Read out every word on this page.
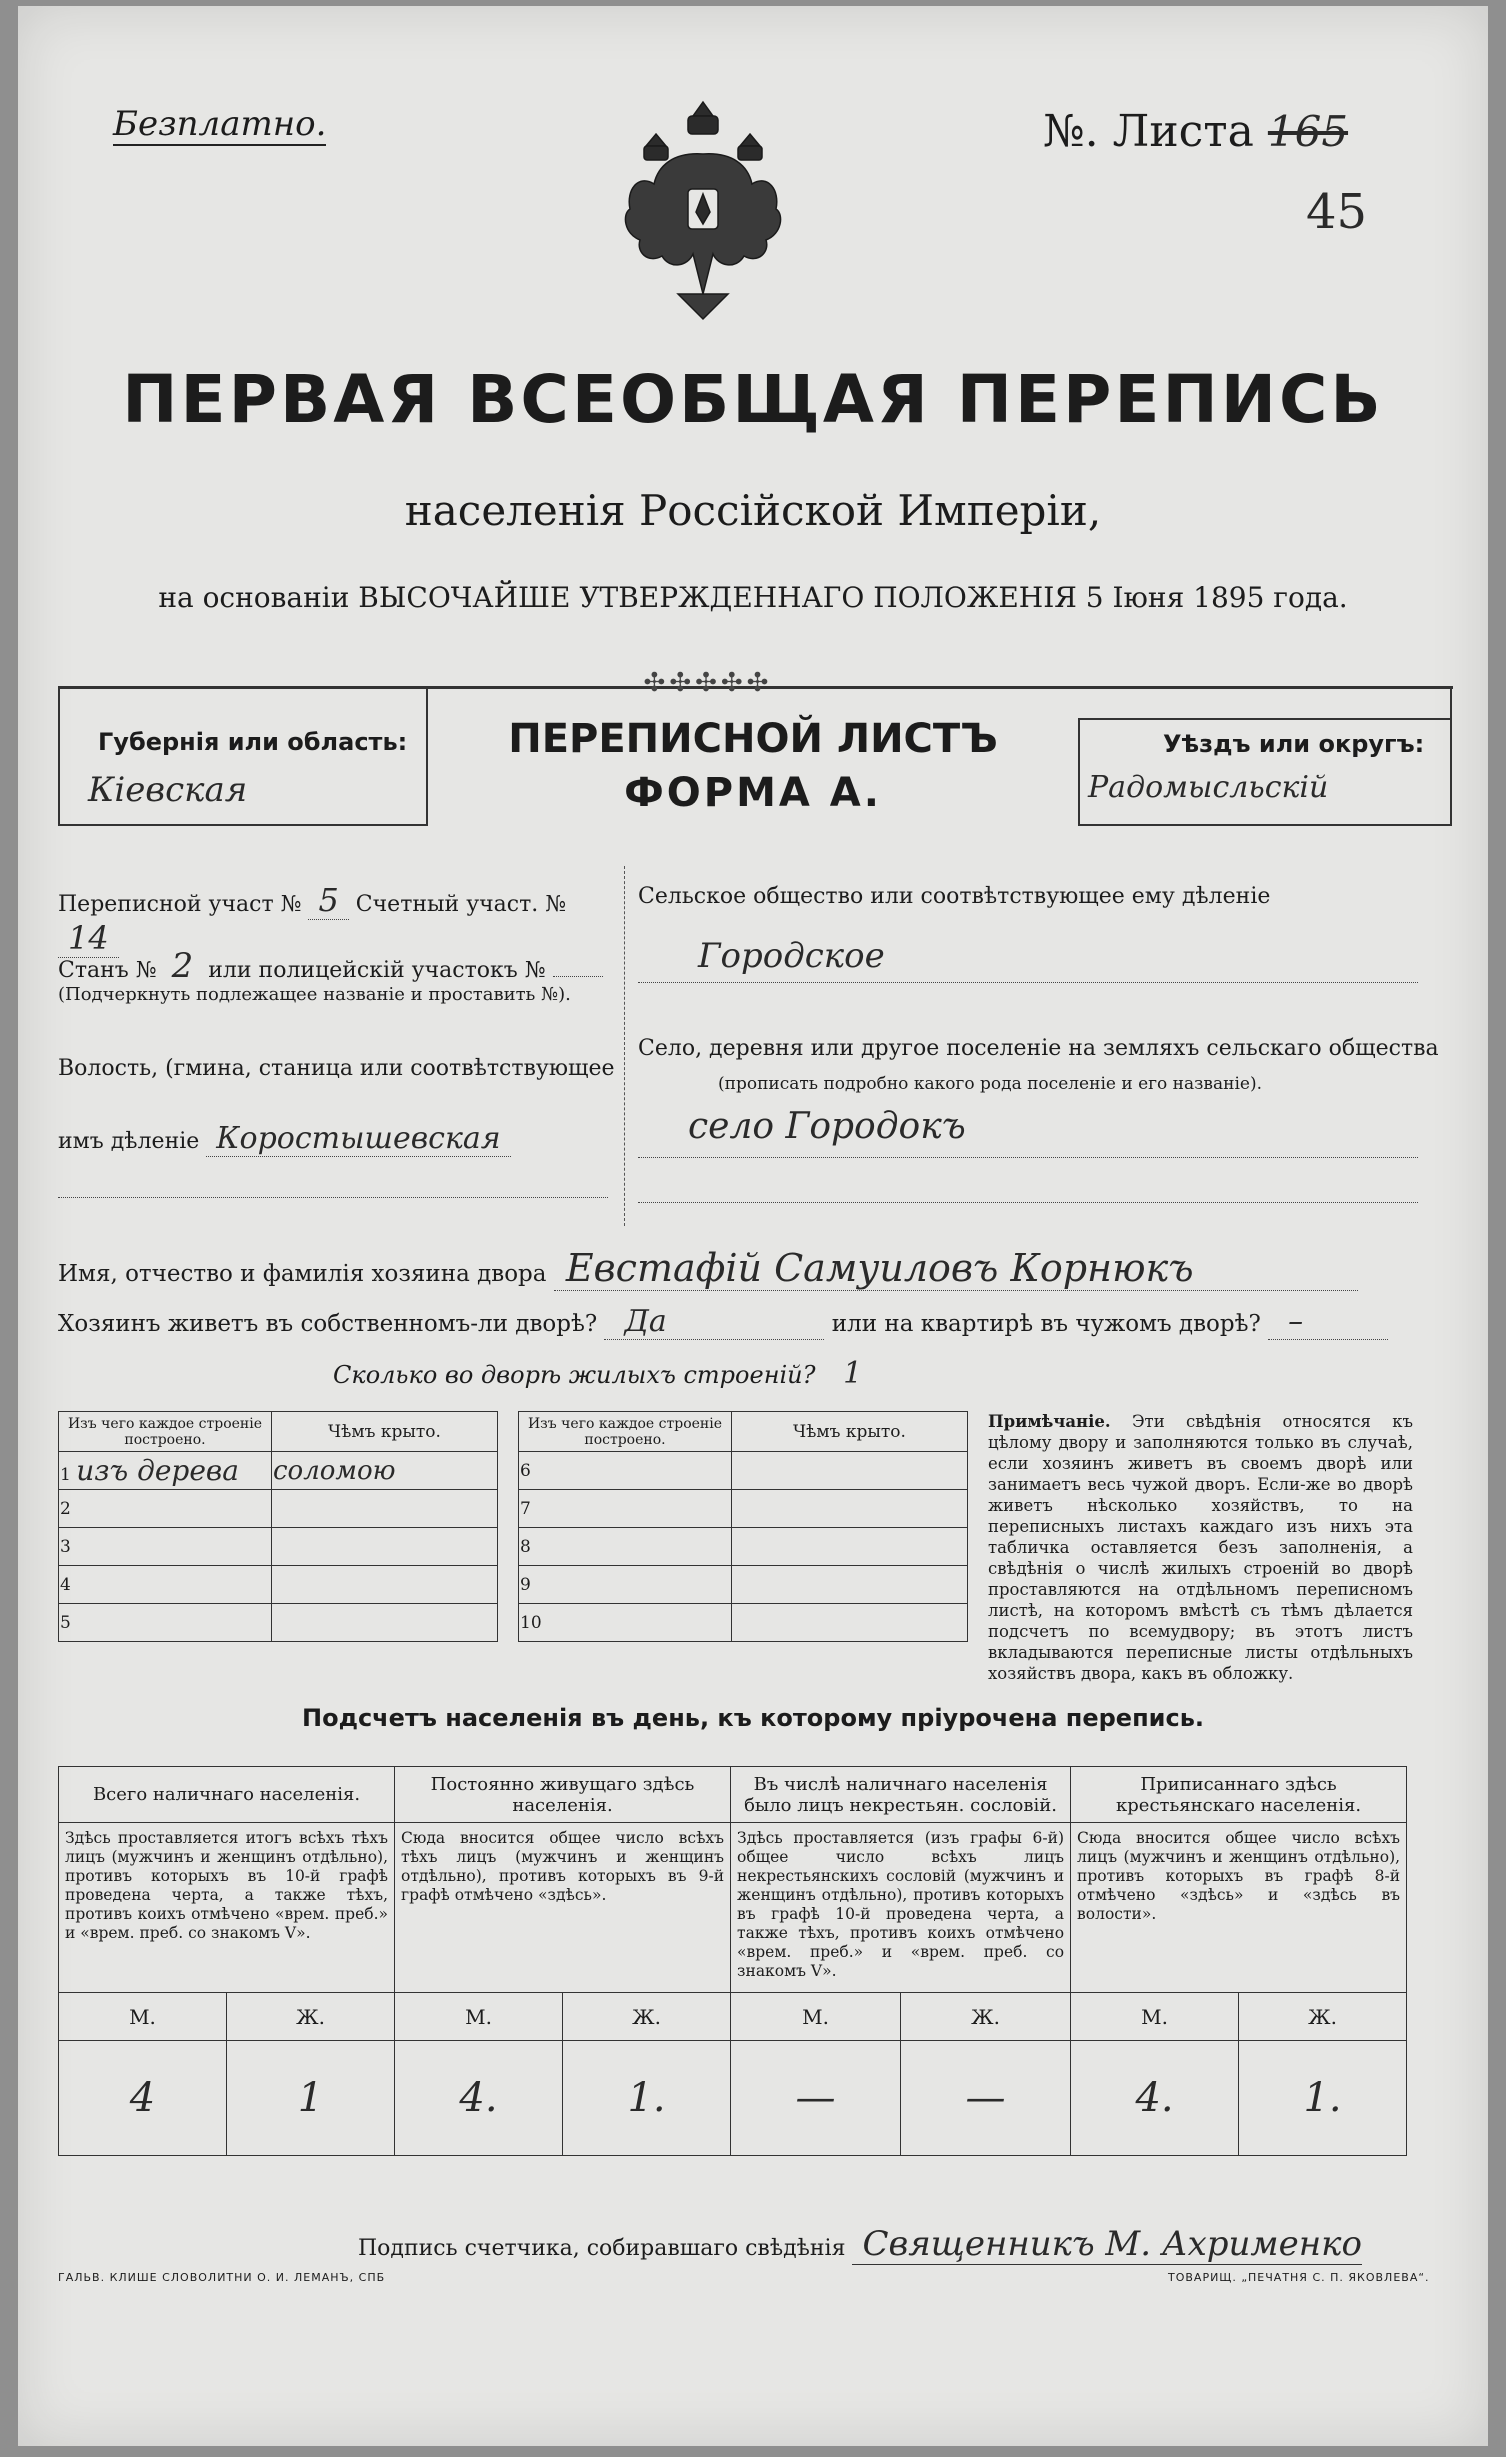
Безплатно.	№. Листа 165
45
ПЕРВАЯ ВСЕОБЩАЯ ПЕРЕПИСЬ
населенія Россійской Имперіи,
на основаніи ВЫСОЧАЙШЕ УТВЕРЖДЕННАГО ПОЛОЖЕНІЯ 5 Іюня 1895 года.
✣✣✣✣✣
Губернія или область:
Кіевская
ПЕРЕПИСНОЙ ЛИСТЪ
ФОРМА А.
Уѣздъ или округъ:
Радомысльскій
Переписной участ № 5 Счетный участ. № 14
Станъ № 2 или полицейскій участокъ №
(Подчеркнуть подлежащее названіе и проставить №).
Волость, (гмина, станица или соотвѣтствующее
имъ дѣленіе Коростышевская
Сельское общество или соотвѣтствующее ему дѣленіе
Городское
Село, деревня или другое поселеніе на земляхъ сельскаго общества
(прописать подробно какого рода поселеніе и его названіе).
село Городокъ
Имя, отчество и фамилія хозяина двора Евстафій Самуиловъ Корнюкъ
Хозяинъ живетъ въ собственномъ-ли дворѣ? Да	или на квартирѣ въ чужомъ дворѣ? –
Сколько во дворѣ жилыхъ строеній? 1
Изъ чего каждое строеніе построено.	Чѣмъ крыто.
1 изъ дерева	соломою
2	
3	
4	
5	
Изъ чего каждое строеніе построено.	Чѣмъ крыто.
6	
7	
8	
9	
10	
Примѣчаніе. Эти свѣдѣнія относятся къ цѣлому двору и заполняются только въ случаѣ, если хозяинъ живетъ въ своемъ дворѣ или занимаетъ весь чужой дворъ. Если-же во дворѣ живетъ нѣсколько хозяйствъ, то на переписныхъ листахъ каждаго изъ нихъ эта табличка оставляется безъ заполненія, а свѣдѣнія о числѣ жилыхъ строеній во дворѣ проставляются на отдѣльномъ переписномъ листѣ, на которомъ вмѣстѣ съ тѣмъ дѣлается подсчетъ по всемудвору; въ этотъ листъ вкладываются переписные листы отдѣльныхъ хозяйствъ двора, какъ въ обложку.
Подсчетъ населенія въ день, къ которому пріурочена перепись.
Всего наличнаго населенія.		Постоянно живущаго здѣсь населенія.		Въ числѣ наличнаго населенія было лицъ некрестьян. сословій.		Приписаннаго здѣсь крестьянскаго населенія.	
Здѣсь проставляется итогъ всѣхъ тѣхъ лицъ (мужчинъ и женщинъ отдѣльно), противъ которыхъ въ 10-й графѣ проведена черта, а также тѣхъ, противъ коихъ отмѣчено «врем. преб.» и «врем. преб. со знакомъ V».		Сюда вносится общее число всѣхъ тѣхъ лицъ (мужчинъ и женщинъ отдѣльно), противъ которыхъ въ 9-й графѣ отмѣчено «здѣсь».		Здѣсь проставляется (изъ графы 6-й) общее число всѣхъ лицъ некрестьянскихъ сословій (мужчинъ и женщинъ отдѣльно), противъ которыхъ въ графѣ 10-й проведена черта, а также тѣхъ, противъ коихъ отмѣчено «врем. преб.» и «врем. преб. со знакомъ V».		Сюда вносится общее число всѣхъ лицъ (мужчинъ и женщинъ отдѣльно), противъ которыхъ въ графѣ 8-й отмѣчено «здѣсь» и «здѣсь въ волости».	
М.	Ж.	М.	Ж.	М.	Ж.	М.	Ж.
4	1	4.	1.	—	—	4.	1.
Подпись счетчика, собиравшаго свѣдѣнія Священникъ М. Ахрименко
ГАЛЬВ. КЛИШЕ СЛОВОЛИТНИ О. И. ЛЕМАНЪ, СПБ	ТОВАРИЩ. „ПЕЧАТНЯ С. П. ЯКОВЛЕВА“.
